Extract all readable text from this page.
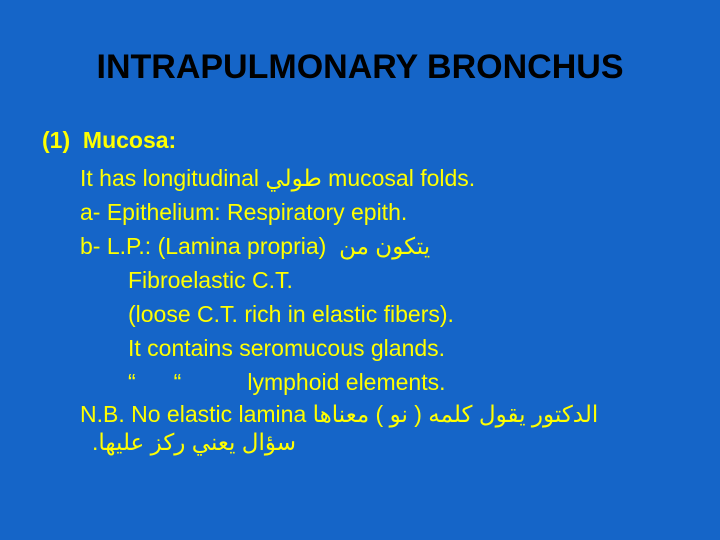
INTRAPULMONARY BRONCHUS
(1) Mucosa:
It has longitudinal طولي mucosal folds.
a- Epithelium: Respiratory epith.
b- L.P.: (Lamina propria) يتكون من
Fibroelastic C.T.
(loose C.T. rich in elastic fibers).
It contains seromucous glands.
“ “	lymphoid elements.
N.B. No elastic lamina الدكتور يقول كلمه ( نو ) معناها
سؤال يعني ركز عليها.
